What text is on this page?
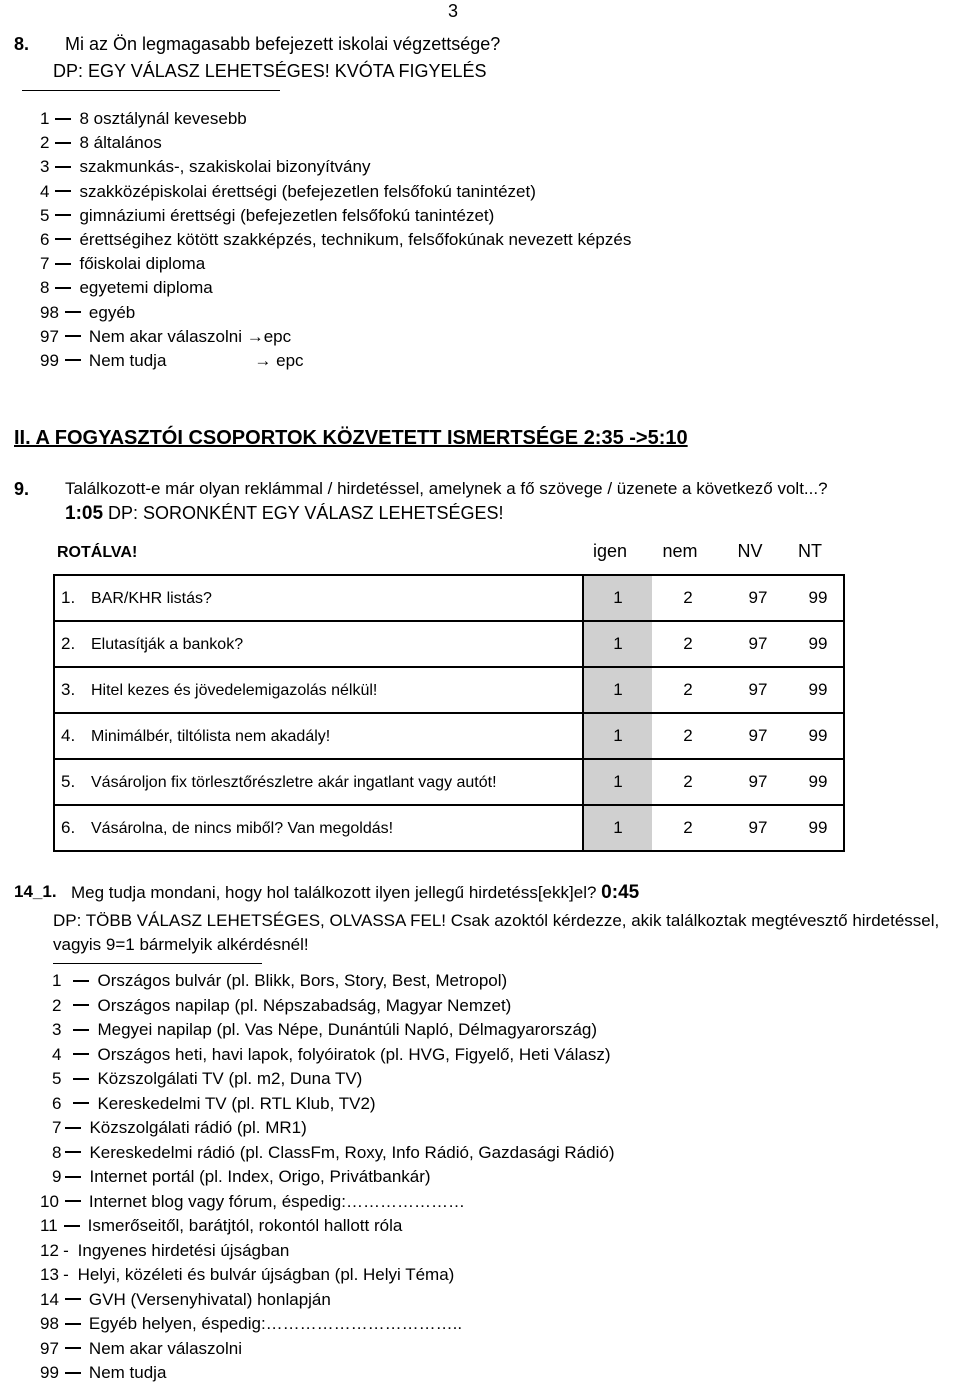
3
8. Mi az Ön legmagasabb befejezett iskolai végzettsége?
DP: EGY VÁLASZ LEHETSÉGES! KVÓTA FIGYELÉS
1 8 osztálynál kevesebb
2 8 általános
3 szakmunkás-, szakiskolai bizonyítvány
4 szakközépiskolai érettségi (befejezetlen felsőfokú tanintézet)
5 gimnáziumi érettségi (befejezetlen felsőfokú tanintézet)
6 érettségihez kötött szakképzés, technikum, felsőfokúnak nevezett képzés
7 főiskolai diploma
8 egyetemi diploma
98 egyéb
97 Nem akar válaszolni →epc
99 Nem tudja	→ epc
II. A FOGYASZTÓI CSOPORTOK KÖZVETETT ISMERTSÉGE 2:35 ->5:10
9. Találkozott-e már olyan reklámmal / hirdetéssel, amelynek a fő szövege / üzenete a következő volt...?
1:05 DP: SORONKÉNT EGY VÁLASZ LEHETSÉGES!
ROTÁLVA!	igen	nem	NV	NT
1. BAR/KHR listás?	1 2 97 99

2. Elutasítják a bankok?	1 2 97 99

3. Hitel kezes és jövedelemigazolás nélkül!	1 2 97 99

4. Minimálbér, tiltólista nem akadály!	1 2 97 99

5. Vásároljon fix törlesztőrészletre akár ingatlant vagy autót!	1 2 97 99

6. Vásárolna, de nincs miből? Van megoldás!	1 2 97 99
14_1. Meg tudja mondani, hogy hol találkozott ilyen jellegű hirdetéss[ekk]el? 0:45
DP: TÖBB VÁLASZ LEHETSÉGES, OLVASSA FEL! Csak azoktól kérdezze, akik találkoztak megtévesztő hirdetéssel, vagyis 9=1 bármelyik alkérdésnél!
1 Országos bulvár (pl. Blikk, Bors, Story, Best, Metropol)
2 Országos napilap (pl. Népszabadság, Magyar Nemzet)
3 Megyei napilap (pl. Vas Népe, Dunántúli Napló, Délmagyarország)
4 Országos heti, havi lapok, folyóiratok (pl. HVG, Figyelő, Heti Válasz)
5 Közszolgálati TV (pl. m2, Duna TV)
6 Kereskedelmi TV (pl. RTL Klub, TV2)
7 Közszolgálati rádió (pl. MR1)
8 Kereskedelmi rádió (pl. ClassFm, Roxy, Info Rádió, Gazdasági Rádió)
9 Internet portál (pl. Index, Origo, Privátbankár)
10 Internet blog vagy fórum, éspedig:…………………
11 Ismerőseitől, barátjtól, rokontól hallott róla
12 - Ingyenes hirdetési újságban
13 - Helyi, közéleti és bulvár újságban (pl. Helyi Téma)
14 GVH (Versenyhivatal) honlapján
98 Egyéb helyen, éspedig:……………………………..
97 Nem akar válaszolni
99 Nem tudja
